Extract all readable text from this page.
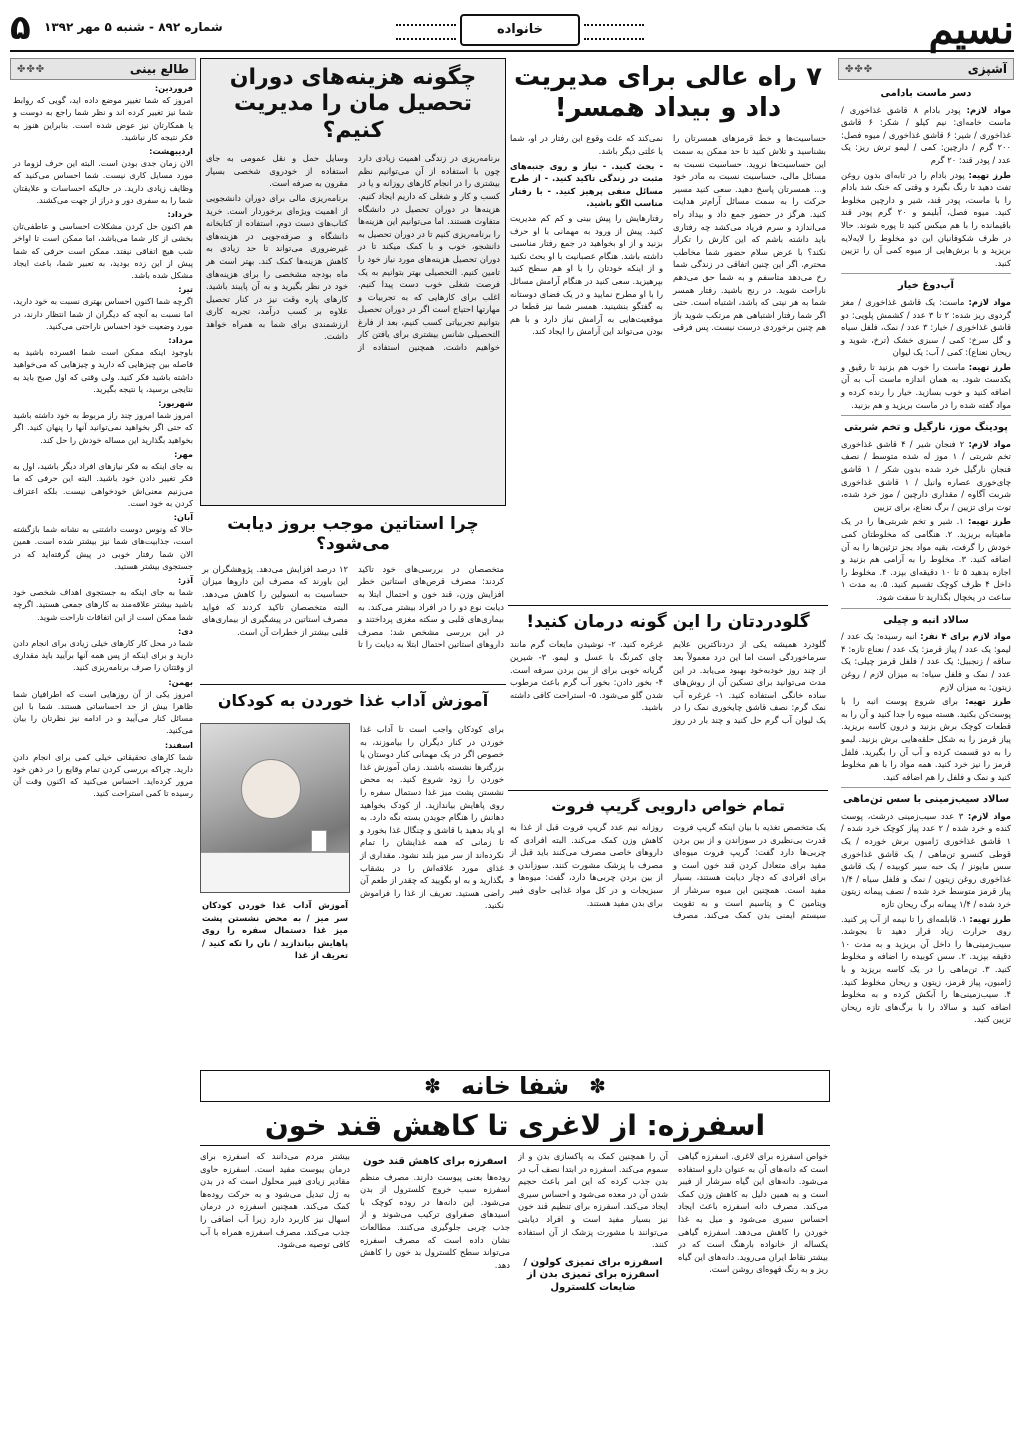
نسیم
خانواده
۵	شماره ۸۹۲ - شنبه ۵ مهر ۱۳۹۲
آشپزی
✤✤✤
دسر ماست بادامی

مواد لازم: پودر بادام ۸ قاشق غذاخوری / ماست خامه‌ای: نیم کیلو / شکر: ۶ قاشق غذاخوری / شیر: ۶ قاشق غذاخوری / میوه فصل: ۲۰۰ گرم / دارچین: کمی / لیمو ترش ریز: یک عدد / پودر قند: ۲۰ گرم

طرز تهیه: پودر بادام را در تابه‌ای بدون روغن تفت دهید تا رنگ بگیرد و وقتی که خنک شد بادام را با ماست، پودر قند، شیر و دارچین مخلوط کنید. میوه فصل، آبلیمو و ۲۰ گرم پودر قند باقیمانده را با هم میکس کنید تا پوره شوند. حالا در ظرف شکوفانیان این دو مخلوط را لایه‌لایه بریزید و با برش‌هایی از میوه کمی آن را تزیین کنید.

آب‌دوغ خیار

مواد لازم: ماست: یک قاشق غذاخوری / مغز گردوی ریز شده: ۲ تا ۳ عدد / کشمش پلویی: دو قاشق غذاخوری / خیار: ۳ عدد / نمک، فلفل سیاه و گل سرخ: کمی / سبزی خشک (ترخ، شوید و ریحان نعناع): کمی / آب: یک لیوان

طرز تهیه: ماست را خوب هم بزنید تا رقیق و یکدست شود. به همان اندازه ماست آب به آن اضافه کنید و خوب بسازید. خیار را رنده کرده و مواد گفته شده را در ماست بریزید و هم بزنید.

پودینگ موز، نارگیل و تخم شربتی

مواد لازم: ۲ فنجان شیر / ۴ قاشق غذاخوری تخم شربتی / ۱ موز له شده متوسط / نصف فنجان نارگیل خرد شده بدون شکر / ۱ قاشق چای‌خوری عصاره وانیل / ۱ قاشق غذاخوری شربت آگاوه / مقداری دارچین / موز خرد شده، توت برای تزیین / برگ نعناع، برای تزیین

طرز تهیه: ۱. شیر و تخم شربتی‌ها را در یک ماهیتابه بریزید. ۲. هنگامی که مخلوطتان کمی خودش را گرفت، بقیه مواد بجز تزئین‌ها را به آن اضافه کنید. ۳. مخلوط را به آرامی هم بزنید و اجازه بدهید ۵ تا ۱۰ دقیقه‌ای بپزد. ۴. مخلوط را داخل ۴ ظرف کوچک تقسیم کنید. ۵. به مدت ۱ ساعت در یخچال بگذارید تا سفت شود.

سالاد انبه و چیلی

مواد لازم برای ۴ نفر: انبه رسیده: یک عدد / لیمو: یک عدد / پیاز قرمز: یک عدد / نعناع تازه: ۴ ساقه / زنجبیل: یک عدد / فلفل قرمز چیلی: یک عدد / نمک و فلفل سیاه: به میزان لازم / روغن زیتون: به میزان لازم

طرز تهیه: برای شروع پوست انبه را با پوست‌کن بکنید. هسته میوه را جدا کنید و آن را به قطعات کوچک برش بزنید و درون کاسه بریزید. پیاز قرمز را به شکل حلقه‌هایی برش بزنید. لیمو را به دو قسمت کرده و آب آن را بگیرید. فلفل قرمز را نیز خرد کنید. همه مواد را با هم مخلوط کنید و نمک و فلفل را هم اضافه کنید.

سالاد سیب‌زمینی با سس تن‌ماهی

مواد لازم: ۳ عدد سیب‌زمینی درشت، پوست کنده و خرد شده / ۲ عدد پیاز کوچک خرد شده / ۱ قاشق غذاخوری ژامبون برش خورده / یک قوطی کنسرو تن‌ماهی / یک قاشق غذاخوری سس مایونز / یک حبه سیر کوبیده / یک قاشق غذاخوری روغن زیتون / نمک و فلفل سیاه / ۱/۴ پیاز قرمز متوسط خرد شده / نصف پیمانه زیتون خرد شده / ۱/۴ پیمانه برگ ریحان تازه

طرز تهیه: ۱. قابلمه‌ای را تا نیمه از آب پر کنید. روی حرارت زیاد قرار دهید تا بجوشد. سیب‌زمینی‌ها را داخل آن بریزید و به مدت ۱۰ دقیقه بپزید. ۲. سس کوبیده را اضافه و مخلوط کنید. ۳. تن‌ماهی را در یک کاسه بریزید و با ژامبون، پیاز قرمز، زیتون و ریحان مخلوط کنید. ۴. سیب‌زمینی‌ها را آبکش کرده و به مخلوط اضافه کنید و سالاد را با برگ‌های تازه ریحان تزیین کنید.

طالع بینی
✤✤✤

فروردین:
امروز که شما تغییر موضع داده اید، گویی که روابط شما نیز تغییر کرده اند و نظر شما راجع به دوست و یا همکارتان نیز عوض شده است. بنابراین هنوز به فکر نتیجه کار نباشید.

اردیبهشت:
الان زمان جدی بودن است. البته این حرف لزوما در مورد مسایل کاری نیست. شما احساس می‌کنید که وظایف زیادی دارید. در حالیکه احساسات و علایقتان شما را به سفری دور و دراز از جهت می‌کشند.

خرداد:
هم اکنون حل کردن مشکلات احساسی و عاطفی‌تان بخشی از کار شما می‌باشد، اما ممکن است تا اواخر شب هیچ اتفاقی نیفتد. ممکن است حرفی که شما پیش از این زده بودید، به تعبیر شما، باعث ایجاد مشکل شده باشد.

تیر:
اگرچه شما اکنون احساس بهتری نسبت به خود دارید، اما نسبت به آنچه که دیگران از شما انتظار دارند، در مورد وضعیت خود احساس ناراحتی می‌کنید.

مرداد:
باوجود اینکه ممکن است شما افسرده باشید به فاصله بین چیزهایی که دارید و چیزهایی که می‌خواهید داشته باشید فکر کنید. ولی وقتی که اول صبح باید به نتایجی برسید، یا نتیجه بگیرید.

شهریور:
امروز شما امروز چند راز مربوط به خود داشته باشید که حتی اگر بخواهید نمی‌توانید آنها را پنهان کنید. اگر بخواهید بگذارید این مساله خودش را حل کند.

مهر:
به جای اینکه به فکر نیازهای افراد دیگر باشید، اول به فکر تغییر دادن خود باشید. البته این حرفی که ما می‌زنیم معنی‌اش خودخواهی نیست. بلکه اعتراف کردن به خود است.

آبان:
حالا که ونوس دوست داشتنی به نشانه شما بازگشته است، جذابیت‌های شما نیز بیشتر شده است. همین الان شما رفتار خوبی در پیش گرفته‌اید که در جستجوی بیشتر هستید.

آذر:
شما به جای اینکه به جستجوی اهداف شخصی خود باشید بیشتر علاقه‌مند به کارهای جمعی هستید. اگرچه شما ممکن است از این اتفاقات ناراحت شوید.

دی:
شما در محل کار کارهای خیلی زیادی برای انجام دادن دارید و برای اینکه از پس همه آنها برآیید باید مقداری از وقتتان را صرف برنامه‌ریزی کنید.

بهمن:
امروز یکی از آن روزهایی است که اطرافیان شما ظاهرا بیش از حد احساساتی هستند. شما با این مسائل کنار می‌آیید و در ادامه نیز نظرتان را بیان می‌کنید.

اسفند:
شما کارهای تحقیقاتی خیلی کمی برای انجام دادن دارید. چراکه بررسی کردن تمام وقایع را در ذهن خود مرور کرده‌اید. احساس می‌کنید که اکنون وقت آن رسیده تا کمی استراحت کنید.

۷ راه عالی برای مدیریت داد و بیداد همسر!

حساسیت‌ها و خط قرمزهای همسرتان را بشناسید و تلاش کنید تا حد ممکن به سمت این حساسیت‌ها نروید. حساسیت نسبت به مسائل مالی، حساسیت نسبت به مادر خود و... همسرتان پاسخ دهید. سعی کنید مسیر حرکت را به سمت مسائل آرام‌تر هدایت کنید. هرگز در حضور جمع داد و بیداد راه می‌اندازد و سرم فریاد می‌کشد چه رفتاری باید داشته باشم که این کارش را تکرار نکند؟ با عرض سلام حضور شما مخاطب محترم. اگر این چنین اتفاقی در زندگی شما رخ می‌دهد متاسفم و به شما حق می‌دهم ناراحت شوید. در رنج باشید. رفتار همسر شما به هر نیتی که باشد، اشتباه است. حتی اگر شما رفتار اشتباهی هم مرتکب شوید باز هم چنین برخوردی درست نیست. پس فرقی نمی‌کند که علت وقوع این رفتار در او، شما یا علتی دیگر باشد.

- بحث کنید. - نیاز و روی جنبه‌های مثبت در زندگی تاکید کنید. - از طرح مسائل منفی پرهیز کنید. - با رفتار مناسب الگو باشید.

رفتارهایش را پیش بینی و کم کم مدیریت کنید. پیش از ورود به مهمانی با او حرف بزنید و از او بخواهید در جمع رفتار مناسبی داشته باشد. هنگام عصبانیت با او بحث نکنید و از اینکه خودتان را با او هم سطح کنید بپرهیزید. سعی کنید در هنگام آرامش مسائل را با او مطرح نمایید و در یک فضای دوستانه به گفتگو بنشینید. همسر شما نیز قطعا در موقعیت‌هایی به آرامش نیاز دارد و با هم بودن می‌تواند این آرامش را ایجاد کند.

گلودردتان را این گونه درمان کنید!

گلودرد همیشه یکی از دردناکترین علایم سرماخوردگی است اما این درد معمولاً بعد از چند روز خودبه‌خود بهبود می‌یابد. در این مدت می‌توانید برای تسکین آن از روش‌های ساده خانگی استفاده کنید. ۱- غرغره آب نمک گرم: نصف قاشق چایخوری نمک را در یک لیوان آب گرم حل کنید و چند بار در روز غرغره کنید. ۲- نوشیدن مایعات گرم مانند چای کمرنگ با عسل و لیمو. ۳- شیرین گریانه خوبی برای از بین بردن سرفه است. ۴- بخور دادن: بخور آب گرم باعث مرطوب شدن گلو می‌شود. ۵- استراحت کافی داشته باشید.

تمام خواص دارویی گریپ فروت

یک متخصص تغذیه با بیان اینکه گریپ فروت قدرت بی‌نظیری در سوزاندن و از بین بردن چربی‌ها دارد گفت: گریپ فروت میوه‌ای مفید برای متعادل کردن قند خون است و برای افرادی که دچار دیابت هستند، بسیار مفید است. همچنین این میوه سرشار از ویتامین C و پتاسیم است و به تقویت سیستم ایمنی بدن کمک می‌کند. مصرف روزانه نیم عدد گریپ فروت قبل از غذا به کاهش وزن کمک می‌کند. البته افرادی که داروهای خاصی مصرف می‌کنند باید قبل از مصرف با پزشک مشورت کنند. سوزاندن و از بین بردن چربی‌ها دارد، گفت: میوه‌ها و سبزیجات و در کل مواد غذایی حاوی فیبر برای بدن مفید هستند.

چگونه هزینه‌های دوران تحصیل مان را مدیریت کنیم؟

برنامه‌ریزی در زندگی اهمیت زیادی دارد چون با استفاده از آن می‌توانیم نظم بیشتری را در انجام کارهای روزانه و یا در کسب و کار و شغلی که داریم ایجاد کنیم. هزینه‌ها در دوران تحصیل در دانشگاه متفاوت هستند. اما می‌توانیم این هزینه‌ها را برنامه‌ریزی کنیم تا در دوران تحصیل به دانشجو، خوب و با کمک میکند تا در دوران تحصیل هزینه‌های مورد نیاز خود را تامین کنیم. التحصیلی بهتر بتوانیم به یک فرصت شغلی خوب دست پیدا کنیم. اغلب برای کارهایی که به تجربیات و مهارتها احتیاج است اگر در دوران تحصیل بتوانیم تجربیاتی کسب کنیم، بعد از فارغ التحصیلی شانس بیشتری برای یافتن کار خواهیم داشت. همچنین استفاده از وسایل حمل و نقل عمومی به جای استفاده از خودروی شخصی بسیار مقرون به صرفه است.

برنامه‌ریزی مالی برای دوران دانشجویی از اهمیت ویژه‌ای برخوردار است. خرید کتاب‌های دست دوم، استفاده از کتابخانه دانشگاه و صرفه‌جویی در هزینه‌های غیرضروری می‌تواند تا حد زیادی به کاهش هزینه‌ها کمک کند. بهتر است هر ماه بودجه مشخصی را برای هزینه‌های خود در نظر بگیرید و به آن پایبند باشید. کارهای پاره وقت نیز در کنار تحصیل علاوه بر کسب درآمد، تجربه کاری ارزشمندی برای شما به همراه خواهد داشت.

چرا استاتین موجب بروز دیابت می‌شود؟

متخصصان در بررسی‌های خود تاکید کردند: مصرف قرص‌های استاتین خطر افزایش وزن، قند خون و احتمال ابتلا به دیابت نوع دو را در افراد بیشتر می‌کند. به بیماری‌های قلبی و سکته مغزی پرداختند و در این بررسی مشخص شد: مصرف داروهای استاتین احتمال ابتلا به دیابت را تا ۱۲ درصد افزایش می‌دهد. پژوهشگران بر این باورند که مصرف این داروها میزان حساسیت به انسولین را کاهش می‌دهد. البته متخصصان تاکید کردند که فواید مصرف استاتین در پیشگیری از بیماری‌های قلبی بیشتر از خطرات آن است.

آموزش آداب غذا خوردن به کودکان

برای کودکان واجب است تا آداب غذا خوردن در کنار دیگران را بیاموزند، به خصوص اگر در یک مهمانی کنار دوستان یا بزرگترها نشسته باشند. زمان آموزش غذا خوردن را زود شروع کنید. به محض نشستن پشت میز غذا دستمال سفره را روی پاهایش بیاندازید. از کودک بخواهید دهانش را هنگام جویدن بسته نگه دارد. به او یاد بدهید با قاشق و چنگال غذا بخورد و تا زمانی که همه غذایشان را تمام نکرده‌اند از سر میز بلند نشود. مقداری از غذای مورد علاقه‌اش را در بشقاب بگذارید و به او بگویید که چقدر از طعم آن راضی هستید. تعریف از غذا را فراموش نکنید.

آموزش آداب غذا خوردن کودکان سر میز / به محض نشستن پشت میز غذا دستمال سفره را روی پاهایش بیاندازید / نان را تکه کنید / تعریف از غذا

✽
شفا خانه
✽
اسفرزه: از لاغری تا کاهش قند خون

خواص اسفرزه برای لاغری. اسفرزه گیاهی است که دانه‌های آن به عنوان دارو استفاده می‌شود. دانه‌های این گیاه سرشار از فیبر است و به همین دلیل به کاهش وزن کمک می‌کند. مصرف دانه اسفرزه باعث ایجاد احساس سیری می‌شود و میل به غذا خوردن را کاهش می‌دهد. اسفرزه گیاهی یکساله از خانواده بارهنگ است که در بیشتر نقاط ایران می‌روید. دانه‌های این گیاه ریز و به رنگ قهوه‌ای روشن است.

آن را همچنین کمک به پاکسازی بدن و از سموم می‌کند. اسفرزه در ابتدا نصف آب در بدن جذب کرده که این امر باعث حجیم شدن آن در معده می‌شود و احساس سیری ایجاد می‌کند. اسفرزه برای تنظیم قند خون نیز بسیار مفید است و افراد دیابتی می‌توانند با مشورت پزشک از آن استفاده کنند.

اسفرزه برای تمیزی کولون / اسفرزه برای تمیزی بدن از ضایعات کلسترول

اسفرزه برای کاهش قند خون

روده‌ها بعنی پیوست دارند. مصرف منظم اسفرزه سبب خروج کلسترول از بدن می‌شود. این دانه‌ها در روده کوچک با اسیدهای صفراوی ترکیب می‌شوند و از جذب چربی جلوگیری می‌کنند. مطالعات نشان داده است که مصرف اسفرزه می‌تواند سطح کلسترول بد خون را کاهش دهد.

بیشتر مردم می‌دانند که اسفرزه برای درمان یبوست مفید است. اسفرزه حاوی مقادیر زیادی فیبر محلول است که در بدن به ژل تبدیل می‌شود و به حرکت روده‌ها کمک می‌کند. همچنین اسفرزه در درمان اسهال نیز کاربرد دارد زیرا آب اضافی را جذب می‌کند. مصرف اسفرزه همراه با آب کافی توصیه می‌شود.
